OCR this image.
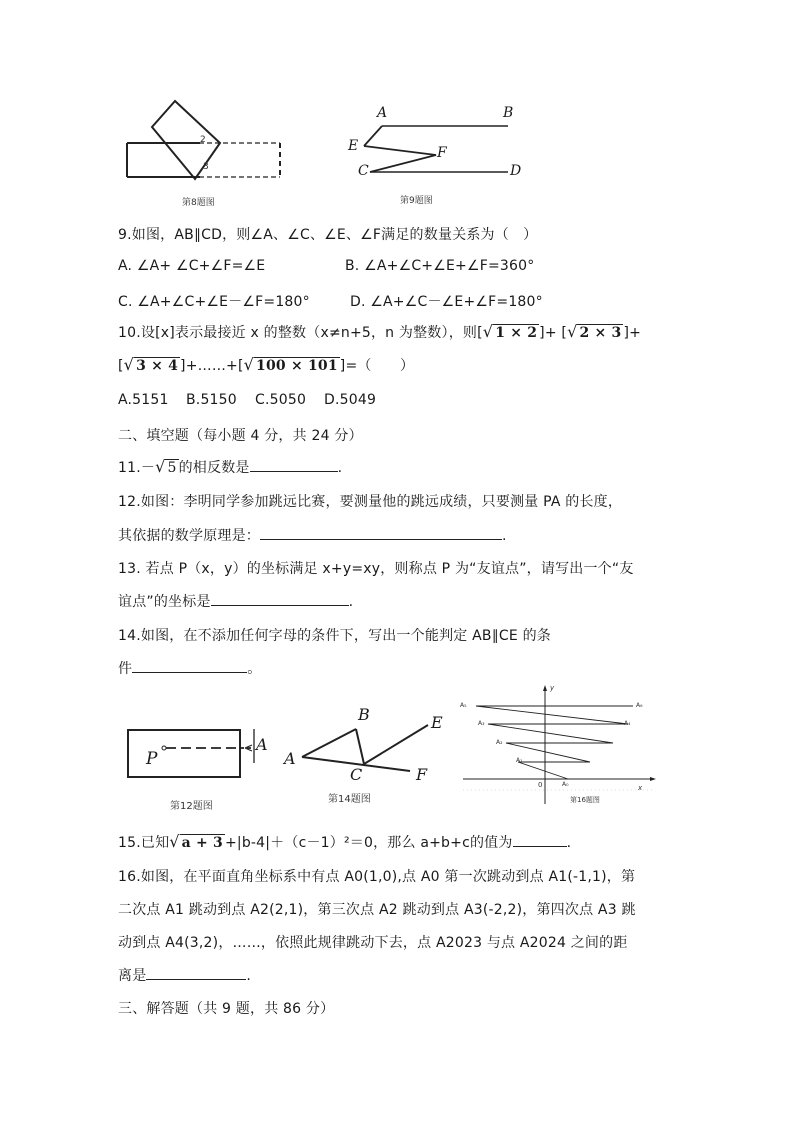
2
3
第8题图
A	B
E	F
C	D
第9题图
9.如图，AB∥CD，则∠A、∠C、∠E、∠F满足的数量关系为（　）
A. ∠A+ ∠C+∠F=∠E	B. ∠A+∠C+∠E+∠F=360°
C. ∠A+∠C+∠E－∠F=180°	D. ∠A+∠C－∠E+∠F=180°
10.设[x]表示最接近 x 的整数（x≠n+5，n 为整数），则[ √ 1 × 2 ]+ [ √ 2 × 3 ]+
[ √ 3 × 4 ]+……+[ √ 100 × 101 ]=（　　）
A.5151 B.5150 C.5050 D.5049
二、填空题（每小题 4 分，共 24 分）
11.－ √ 5 的相反数是	.
12.如图：李明同学参加跳远比赛，要测量他的跳远成绩，只要测量 PA 的长度，
其依据的数学原理是：	.
13. 若点 P（x，y）的坐标满足 x+y=xy，则称点 P 为“友谊点”，请写出一个“友
谊点”的坐标是	.
14.如图，在不添加任何字母的条件下，写出一个能判定 AB∥CE 的条
件	。
P
A
第12题图
B	E
A
C	F
第14题图
y
x
0
A₅	A₆
A₃	A₄
A₂
A₁
A₀
第16题图
15.已知 √ a + 3 +|b-4|＋（c－1）²＝0，那么 a+b+c的值为	.
16.如图，在平面直角坐标系中有点 A0(1,0),点 A0 第一次跳动到点 A1(-1,1)，第
二次点 A1 跳动到点 A2(2,1)，第三次点 A2 跳动到点 A3(-2,2)，第四次点 A3 跳
动到点 A4(3,2)，……，依照此规律跳动下去，点 A2023 与点 A2024 之间的距
离是	.
三、解答题（共 9 题，共 86 分）
